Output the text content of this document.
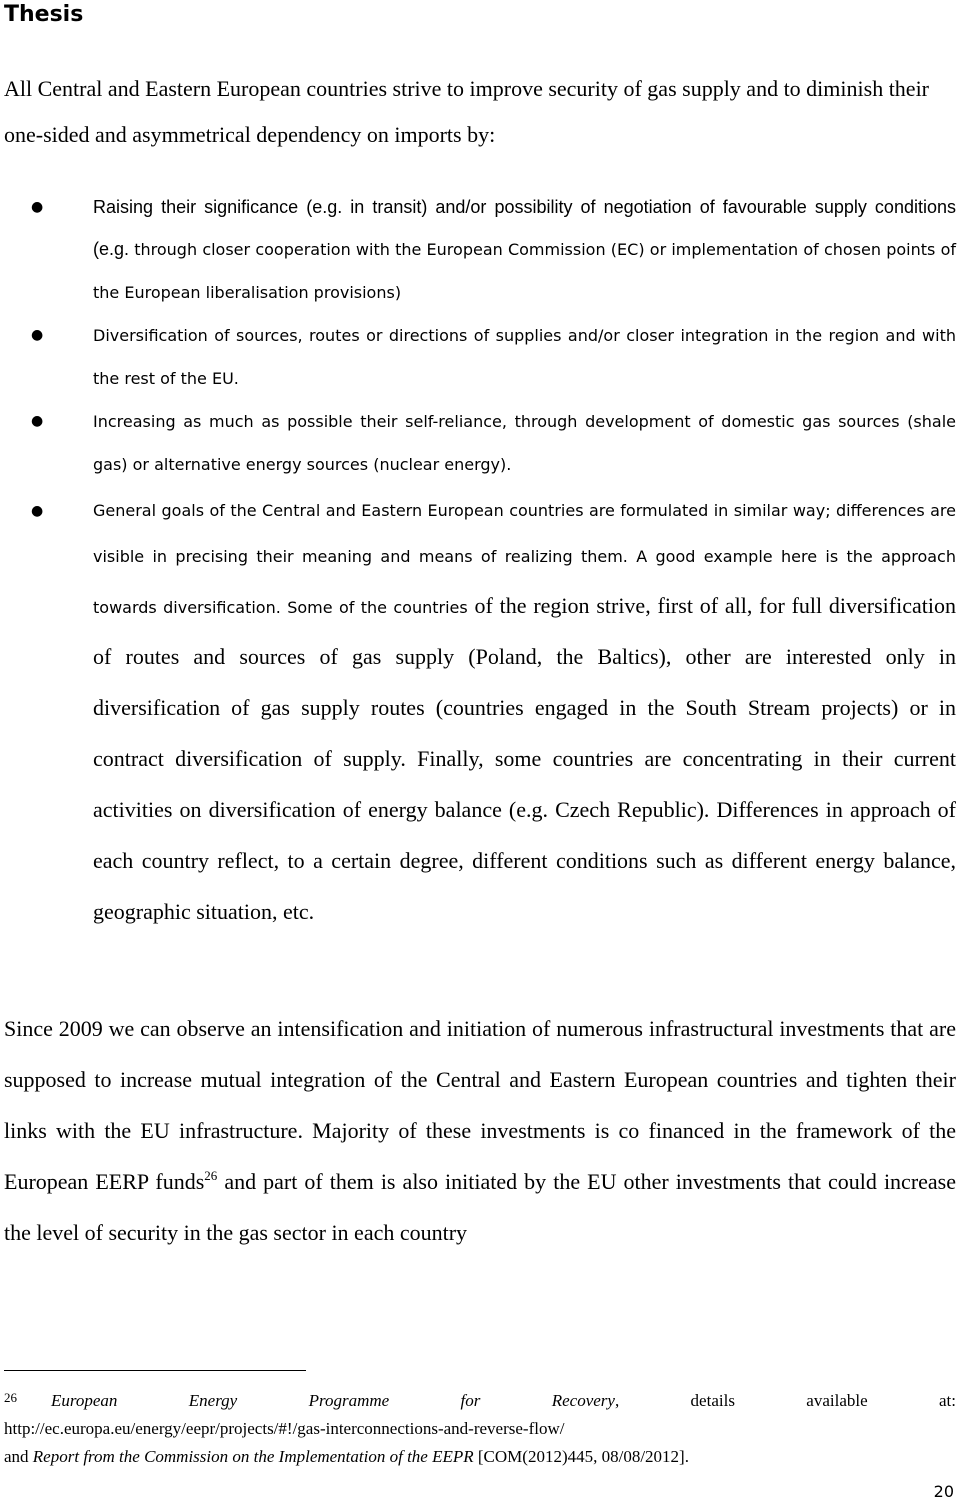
Thesis

All Central and Eastern European countries strive to improve security of gas supply and to diminish their one-sided and asymmetrical dependency on imports by:

●	Raising their significance (e.g. in transit) and/or possibility of negotiation of favourable supply conditions (e.g. through closer cooperation with the European Commission (EC) or implementation of chosen points of the European liberalisation provisions)
●	Diversification of sources, routes or directions of supplies and/or closer integration in the region and with the rest of the EU.
●	Increasing as much as possible their self-reliance, through development of domestic gas sources (shale gas) or alternative energy sources (nuclear energy).
●	General goals of the Central and Eastern European countries are formulated in similar way; differences are visible in precising their meaning and means of realizing them. A good example here is the approach towards diversification. Some of the countries of the region strive, first of all, for full diversification of routes and sources of gas supply (Poland, the Baltics), other are interested only in diversification of gas supply routes (countries engaged in the South Stream projects) or in contract diversification of supply. Finally, some countries are concentrating in their current activities on diversification of energy balance (e.g. Czech Republic). Differences in approach of each country reflect, to a certain degree, different conditions such as different energy balance, geographic situation, etc.

Since 2009 we can observe an intensification and initiation of numerous infrastructural investments that are supposed to increase mutual integration of the Central and Eastern European countries and tighten their links with the EU infrastructure. Majority of these investments is co financed in the framework of the European EERP funds$^{26}$ and part of them is also initiated by the EU other investments that could increase the level of security in the gas sector in each country

$^{26}$ European Energy Programme for Recovery, details available at:
http://ec.europa.eu/energy/eepr/projects/#!/gas-interconnections-and-reverse-flow/
and Report from the Commission on the Implementation of the EEPR [COM(2012)445, 08/08/2012].
20
